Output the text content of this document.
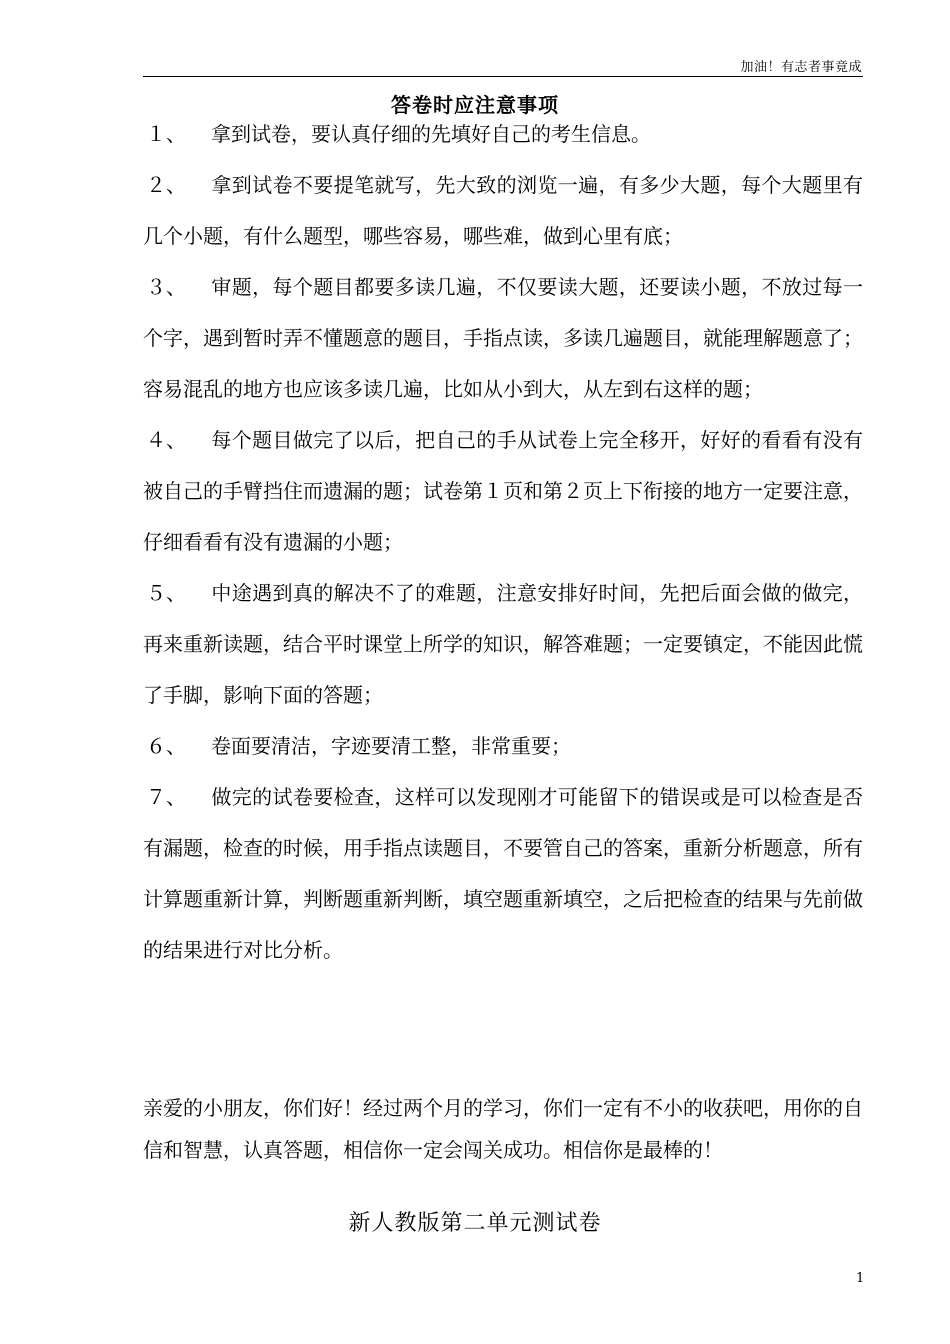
加油！有志者事竟成
答卷时应注意事项

１、 拿到试卷，要认真仔细的先填好自己的考生信息。

２、 拿到试卷不要提笔就写，先大致的浏览一遍，有多少大题，每个大题里有几个小题，有什么题型，哪些容易，哪些难，做到心里有底；

３、 审题，每个题目都要多读几遍，不仅要读大题，还要读小题，不放过每一个字，遇到暂时弄不懂题意的题目，手指点读，多读几遍题目，就能理解题意了；容易混乱的地方也应该多读几遍，比如从小到大，从左到右这样的题；

４、 每个题目做完了以后，把自己的手从试卷上完全移开，好好的看看有没有被自己的手臂挡住而遗漏的题；试卷第１页和第２页上下衔接的地方一定要注意，仔细看看有没有遗漏的小题；

５、 中途遇到真的解决不了的难题，注意安排好时间，先把后面会做的做完，再来重新读题，结合平时课堂上所学的知识，解答难题；一定要镇定，不能因此慌了手脚，影响下面的答题；

６、 卷面要清洁，字迹要清工整，非常重要；

７、 做完的试卷要检查，这样可以发现刚才可能留下的错误或是可以检查是否有漏题，检查的时候，用手指点读题目，不要管自己的答案，重新分析题意，所有计算题重新计算，判断题重新判断，填空题重新填空，之后把检查的结果与先前做的结果进行对比分析。

亲爱的小朋友，你们好！经过两个月的学习，你们一定有不小的收获吧，用你的自信和智慧，认真答题，相信你一定会闯关成功。相信你是最棒的！
新人教版第二单元测试卷
1
